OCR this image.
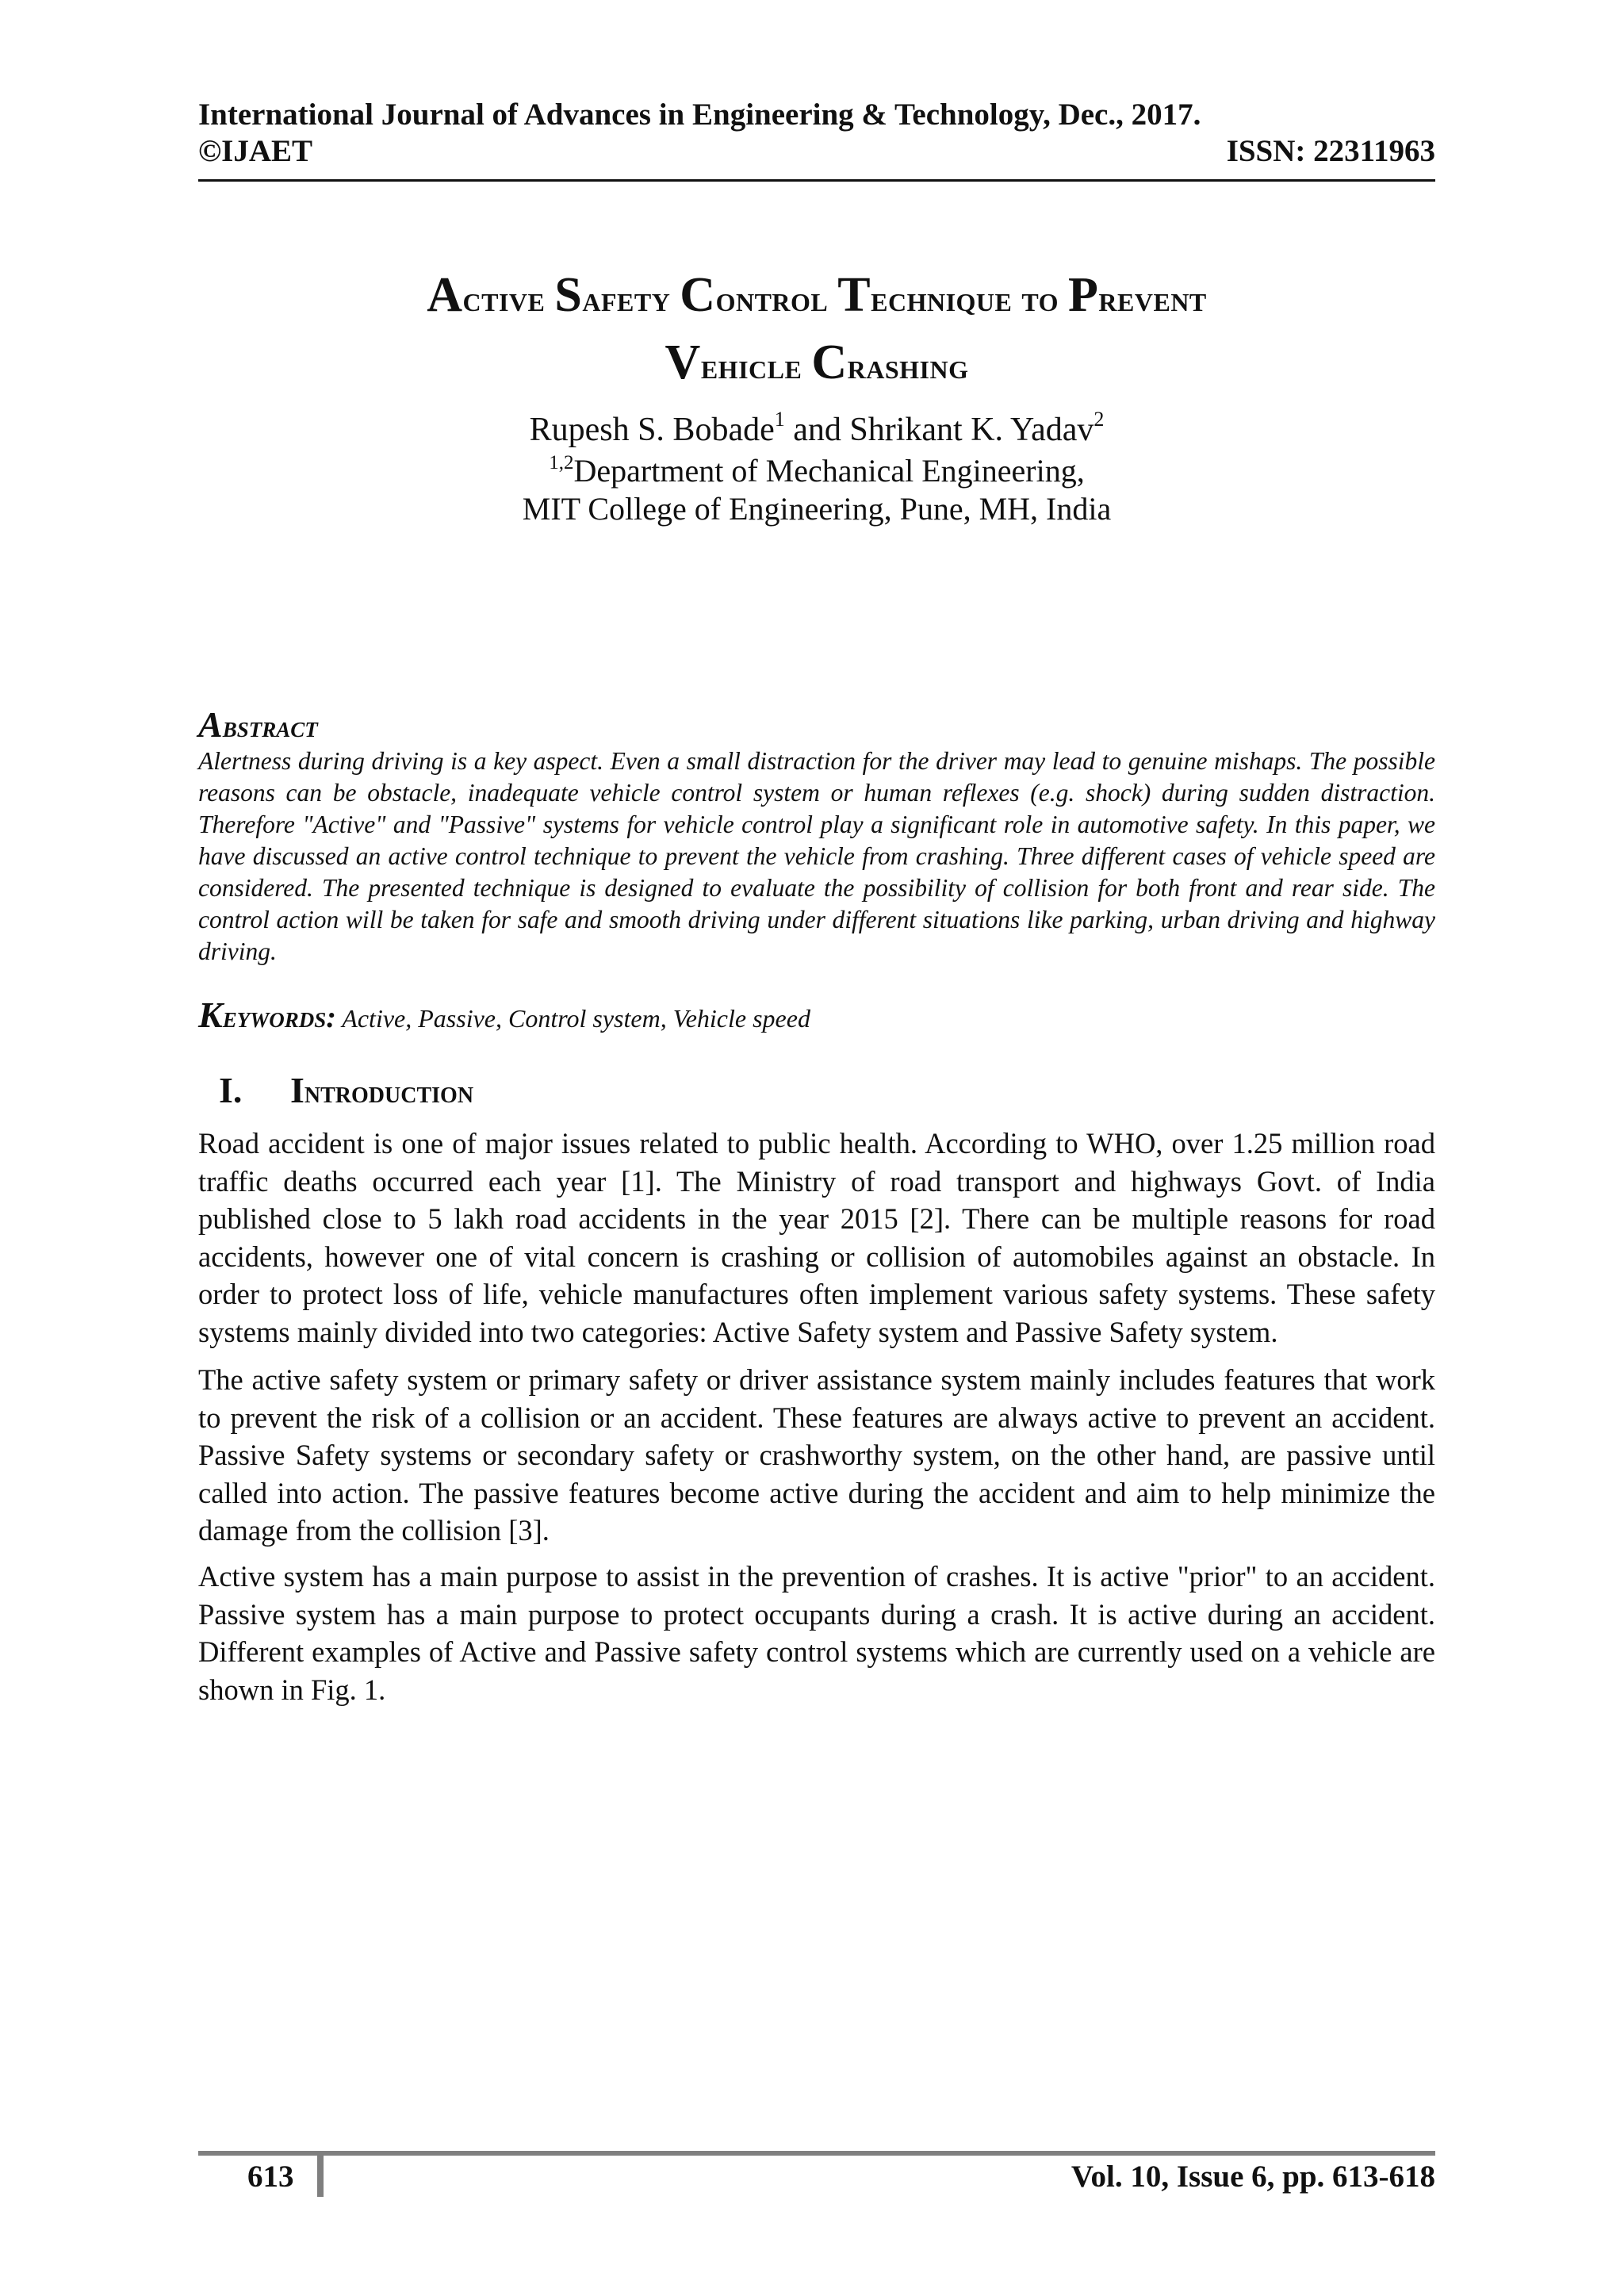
International Journal of Advances in Engineering & Technology, Dec., 2017.
©IJAET	ISSN: 22311963
Active Safety Control Technique to Prevent
Vehicle Crashing
Rupesh S. Bobade$^1$ and Shrikant K. Yadav$^2$
$^{1,2}$Department of Mechanical Engineering,
MIT College of Engineering, Pune, MH, India
Abstract
Alertness during driving is a key aspect. Even a small distraction for the driver may lead to genuine mishaps. The possible reasons can be obstacle, inadequate vehicle control system or human reflexes (e.g. shock) during sudden distraction. Therefore "Active" and "Passive" systems for vehicle control play a significant role in automotive safety. In this paper, we have discussed an active control technique to prevent the vehicle from crashing. Three different cases of vehicle speed are considered. The presented technique is designed to evaluate the possibility of collision for both front and rear side. The control action will be taken for safe and smooth driving under different situations like parking, urban driving and highway driving.
Keywords: Active, Passive, Control system, Vehicle speed
I. Introduction
Road accident is one of major issues related to public health. According to WHO, over 1.25 million road traffic deaths occurred each year [1]. The Ministry of road transport and highways Govt. of India published close to 5 lakh road accidents in the year 2015 [2]. There can be multiple reasons for road accidents, however one of vital concern is crashing or collision of automobiles against an obstacle. In order to protect loss of life, vehicle manufactures often implement various safety systems. These safety systems mainly divided into two categories: Active Safety system and Passive Safety system.
The active safety system or primary safety or driver assistance system mainly includes features that work to prevent the risk of a collision or an accident. These features are always active to prevent an accident. Passive Safety systems or secondary safety or crashworthy system, on the other hand, are passive until called into action. The passive features become active during the accident and aim to help minimize the damage from the collision [3].
Active system has a main purpose to assist in the prevention of crashes. It is active "prior" to an accident. Passive system has a main purpose to protect occupants during a crash. It is active during an accident. Different examples of Active and Passive safety control systems which are currently used on a vehicle are shown in Fig. 1.
613	Vol. 10, Issue 6, pp. 613-618
